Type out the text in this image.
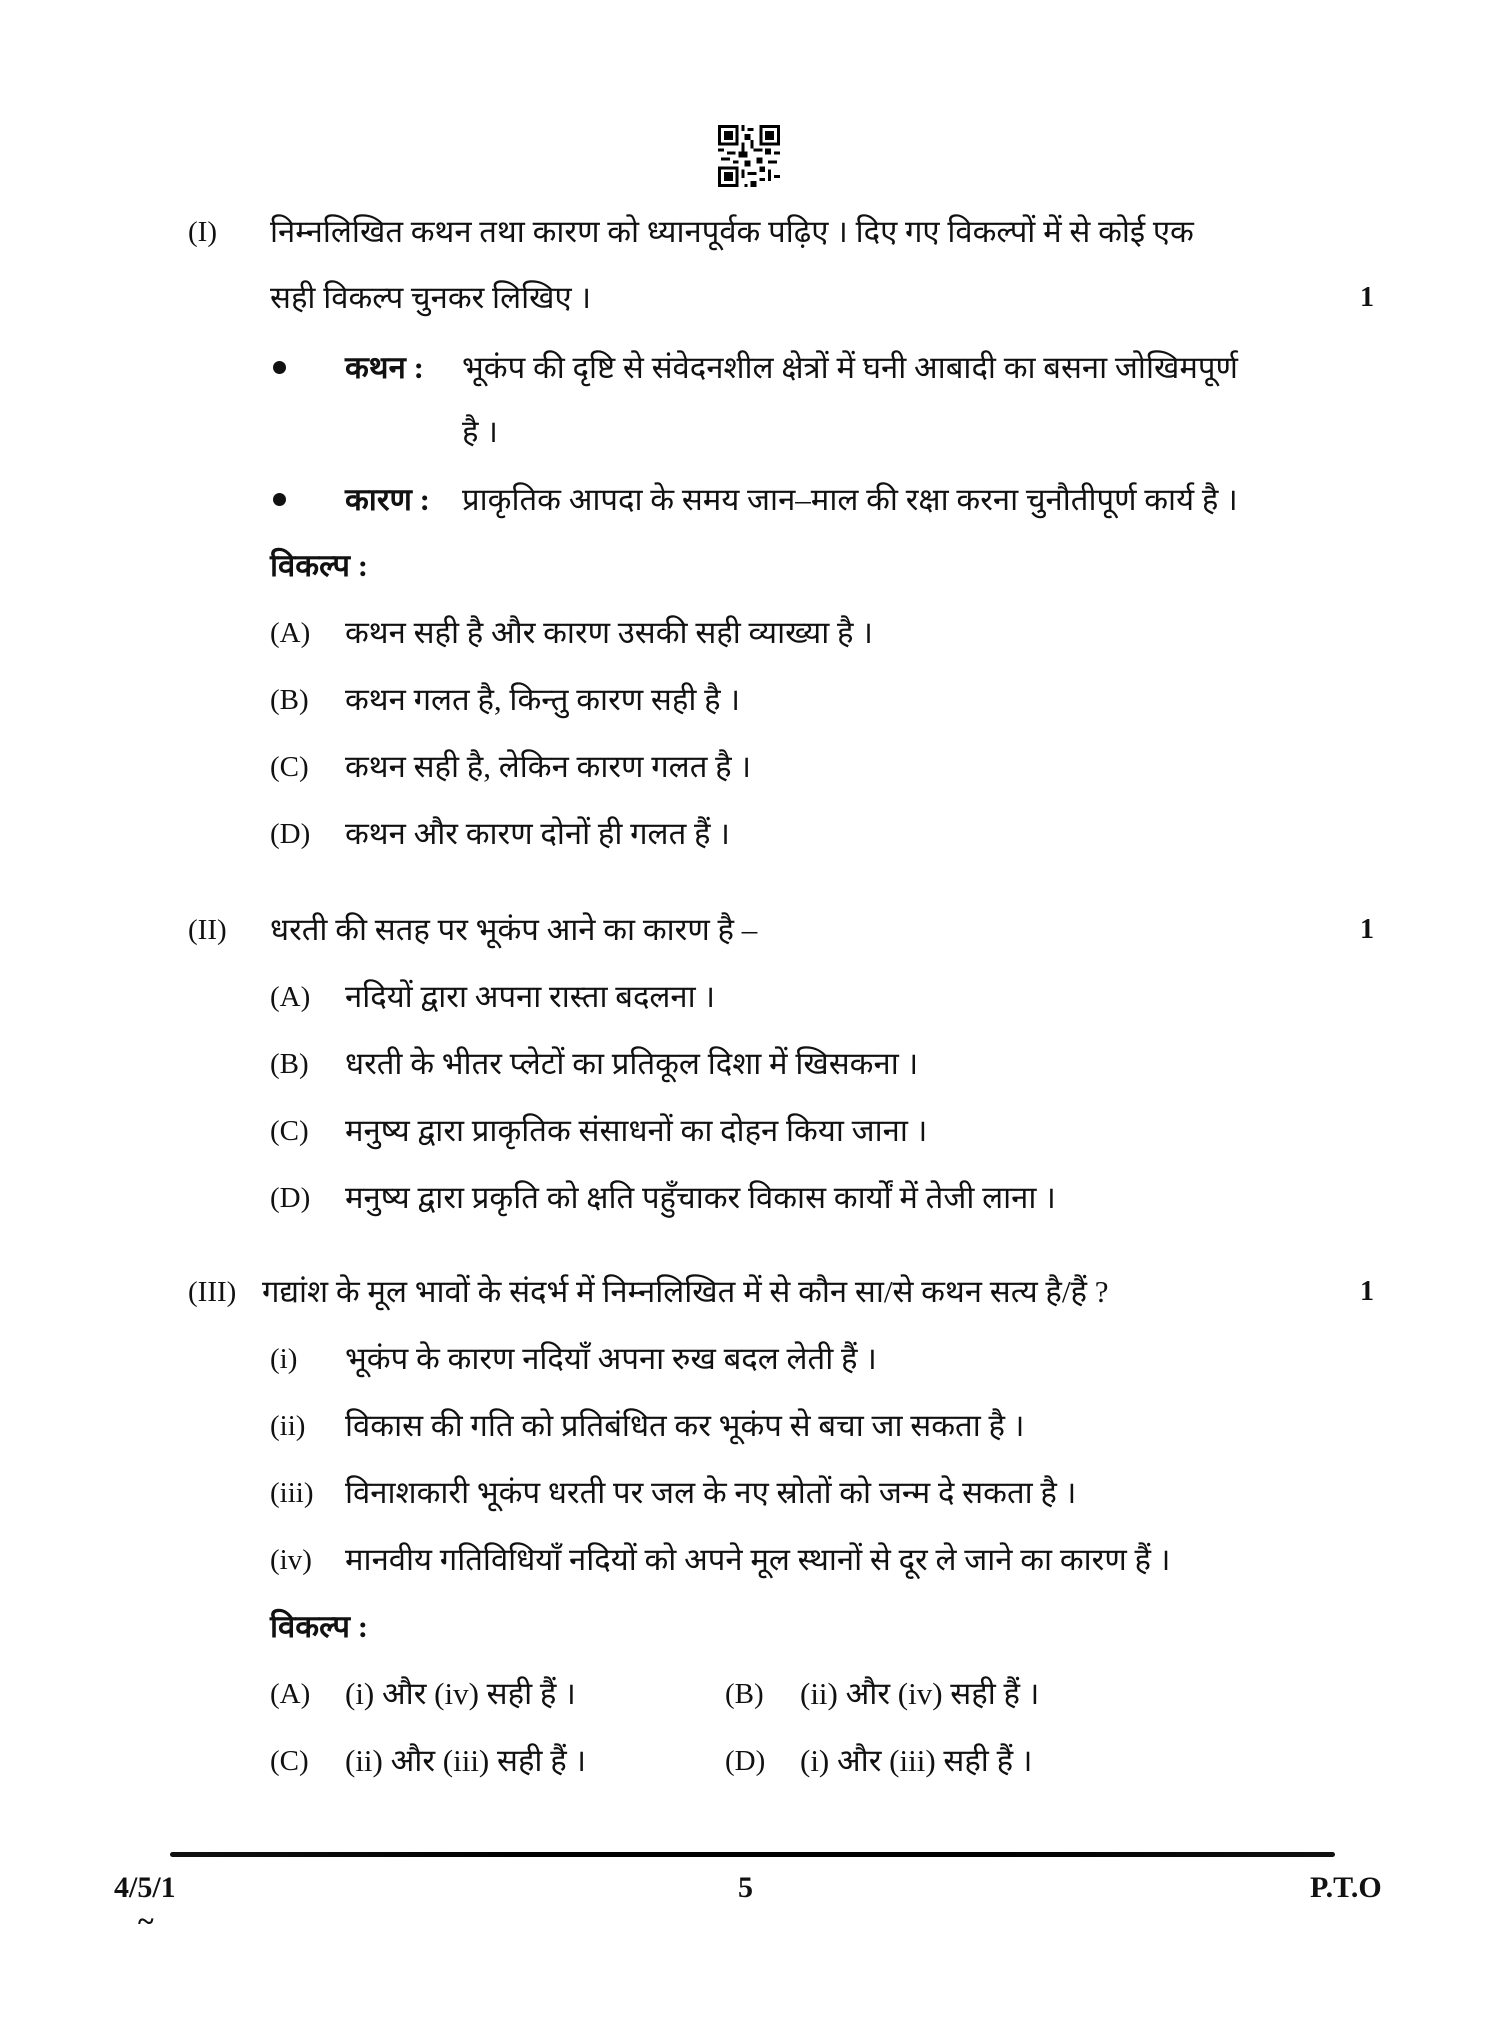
(I) निम्नलिखित कथन तथा कारण को ध्यानपूर्वक पढ़िए । दिए गए विकल्पों में से कोई एक
सही विकल्प चुनकर लिखिए ।	1
कथन : भूकंप की दृष्टि से संवेदनशील क्षेत्रों में घनी आबादी का बसना जोखिमपूर्ण
है ।
कारण : प्राकृतिक आपदा के समय जान–माल की रक्षा करना चुनौतीपूर्ण कार्य है ।
विकल्प :
(A) कथन सही है और कारण उसकी सही व्याख्या है ।
(B) कथन गलत है, किन्तु कारण सही है ।
(C) कथन सही है, लेकिन कारण गलत है ।
(D) कथन और कारण दोनों ही गलत हैं ।
(II) धरती की सतह पर भूकंप आने का कारण है –	1
(A) नदियों द्वारा अपना रास्ता बदलना ।
(B) धरती के भीतर प्लेटों का प्रतिकूल दिशा में खिसकना ।
(C) मनुष्य द्वारा प्राकृतिक संसाधनों का दोहन किया जाना ।
(D) मनुष्य द्वारा प्रकृति को क्षति पहुँचाकर विकास कार्यों में तेजी लाना ।
(III) गद्यांश के मूल भावों के संदर्भ में निम्नलिखित में से कौन सा/से कथन सत्य है/हैं ?	1
(i) भूकंप के कारण नदियाँ अपना रुख बदल लेती हैं ।
(ii) विकास की गति को प्रतिबंधित कर भूकंप से बचा जा सकता है ।
(iii) विनाशकारी भूकंप धरती पर जल के नए स्रोतों को जन्म दे सकता है ।
(iv) मानवीय गतिविधियाँ नदियों को अपने मूल स्थानों से दूर ले जाने का कारण हैं ।
विकल्प :
(A) (i) और (iv) सही हैं ।	(B) (ii) और (iv) सही हैं ।
(C) (ii) और (iii) सही हैं ।	(D) (i) और (iii) सही हैं ।
4/5/1	5	P.T.O
~
